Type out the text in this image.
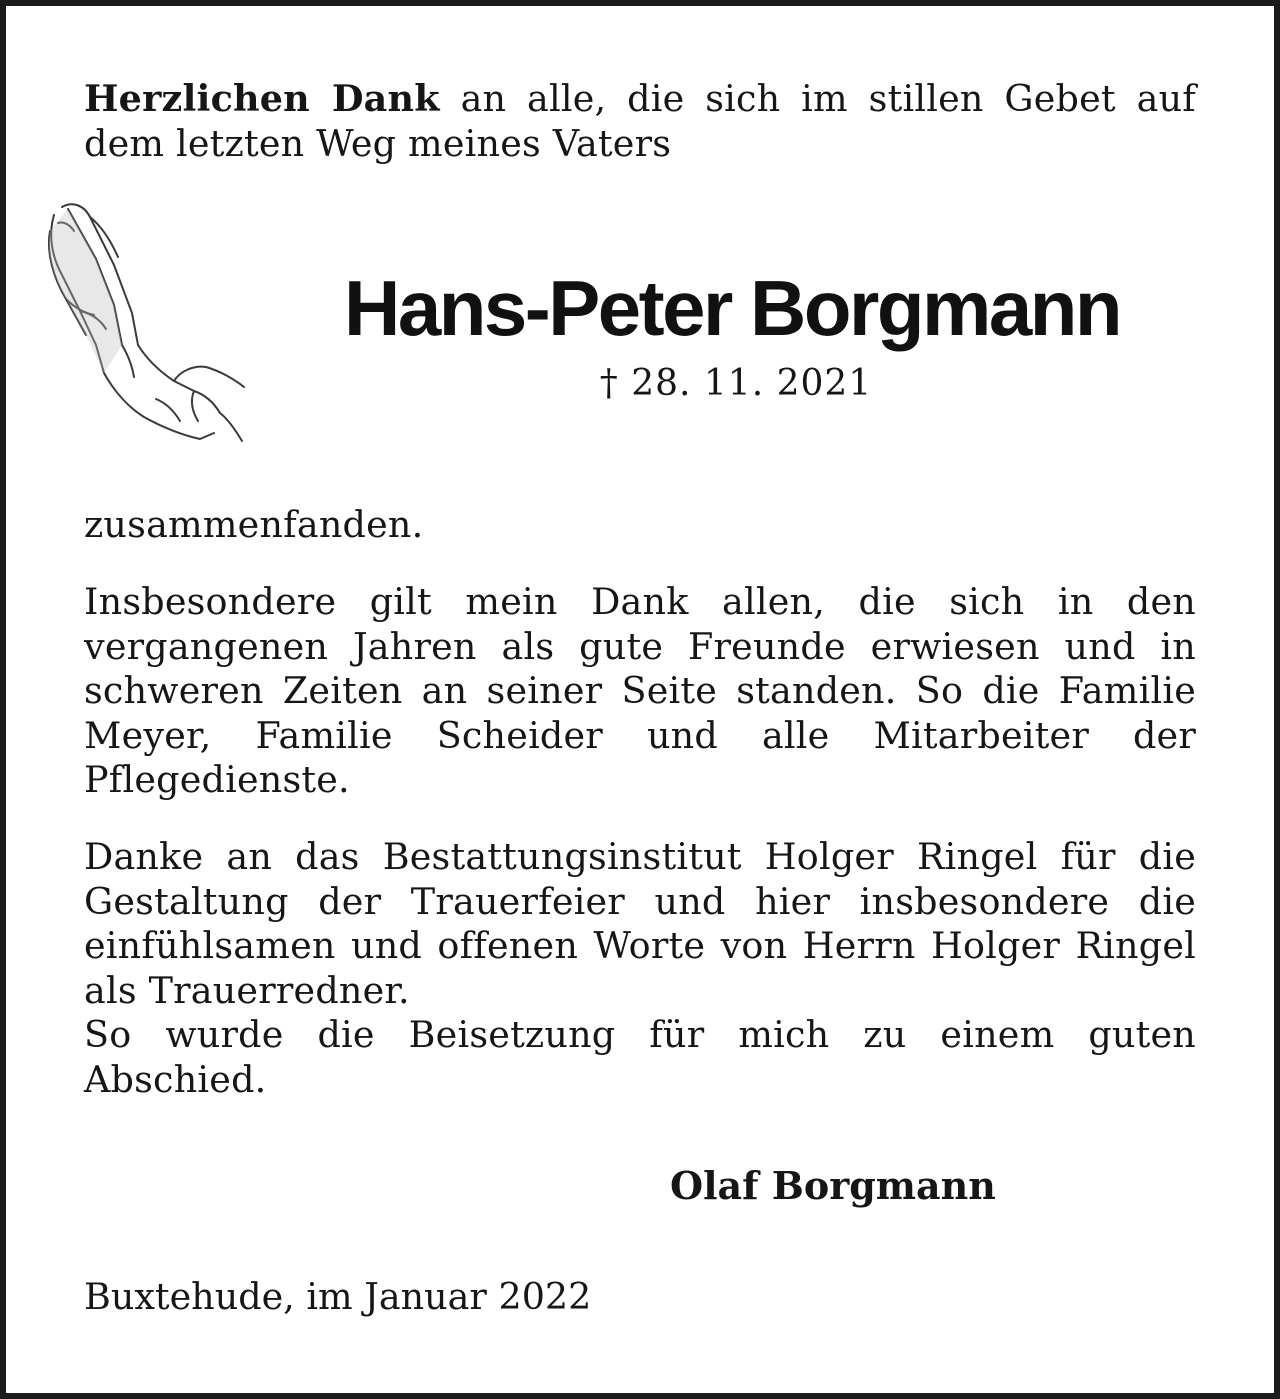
Herzlichen Dank an alle, die sich im stillen Gebet auf dem letzten Weg meines Vaters
Hans-Peter Borgmann
† 28. 11. 2021
zusammenfanden.
Insbesondere gilt mein Dank allen, die sich in den vergangenen Jahren als gute Freunde erwiesen und in schweren Zeiten an seiner Seite standen. So die Familie Meyer, Familie Scheider und alle Mitarbeiter der Pflegedienste.

Danke an das Bestattungsinstitut Holger Ringel für die Gestaltung der Trauerfeier und hier insbesondere die einfühlsamen und offenen Worte von Herrn Holger Ringel als Trauerredner.

So wurde die Beisetzung für mich zu einem guten Abschied.

Olaf Borgmann
Buxtehude, im Januar 2022
